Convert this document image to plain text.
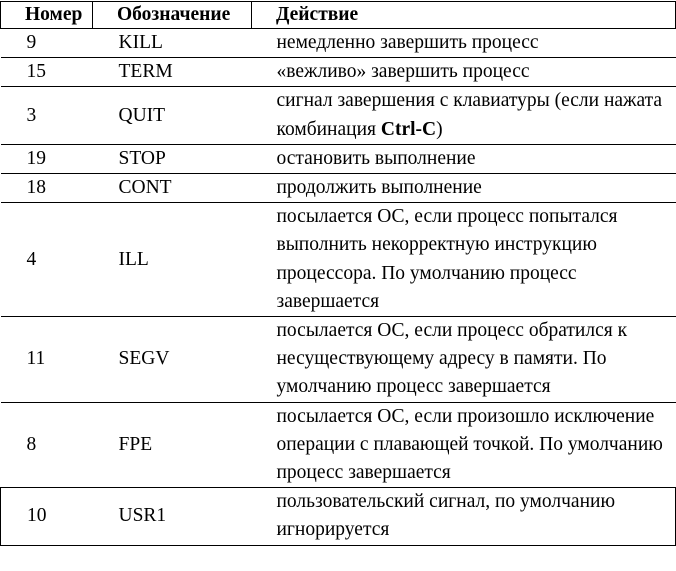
Номер	Обозначение	Действие
9	KILL	немедленно завершить процесс
15	TERM	«вежливо» завершить процесс
3	QUIT	сигнал завершения с клавиатуры (если нажата комбинация Ctrl-C)
19	STOP	остановить выполнение
18	CONT	продолжить выполнение
4	ILL	посылается ОС, если процесс попытался выполнить некорректную инструкцию процессора. По умолчанию процесс завершается
11	SEGV	посылается ОС, если процесс обратился к несуществующему адресу в памяти. По умолчанию процесс завершается
8	FPE	посылается ОС, если произошло исключение операции с плавающей точкой. По умолчанию процесс завершается
10	USR1	пользовательский сигнал, по умолчанию игнорируется
